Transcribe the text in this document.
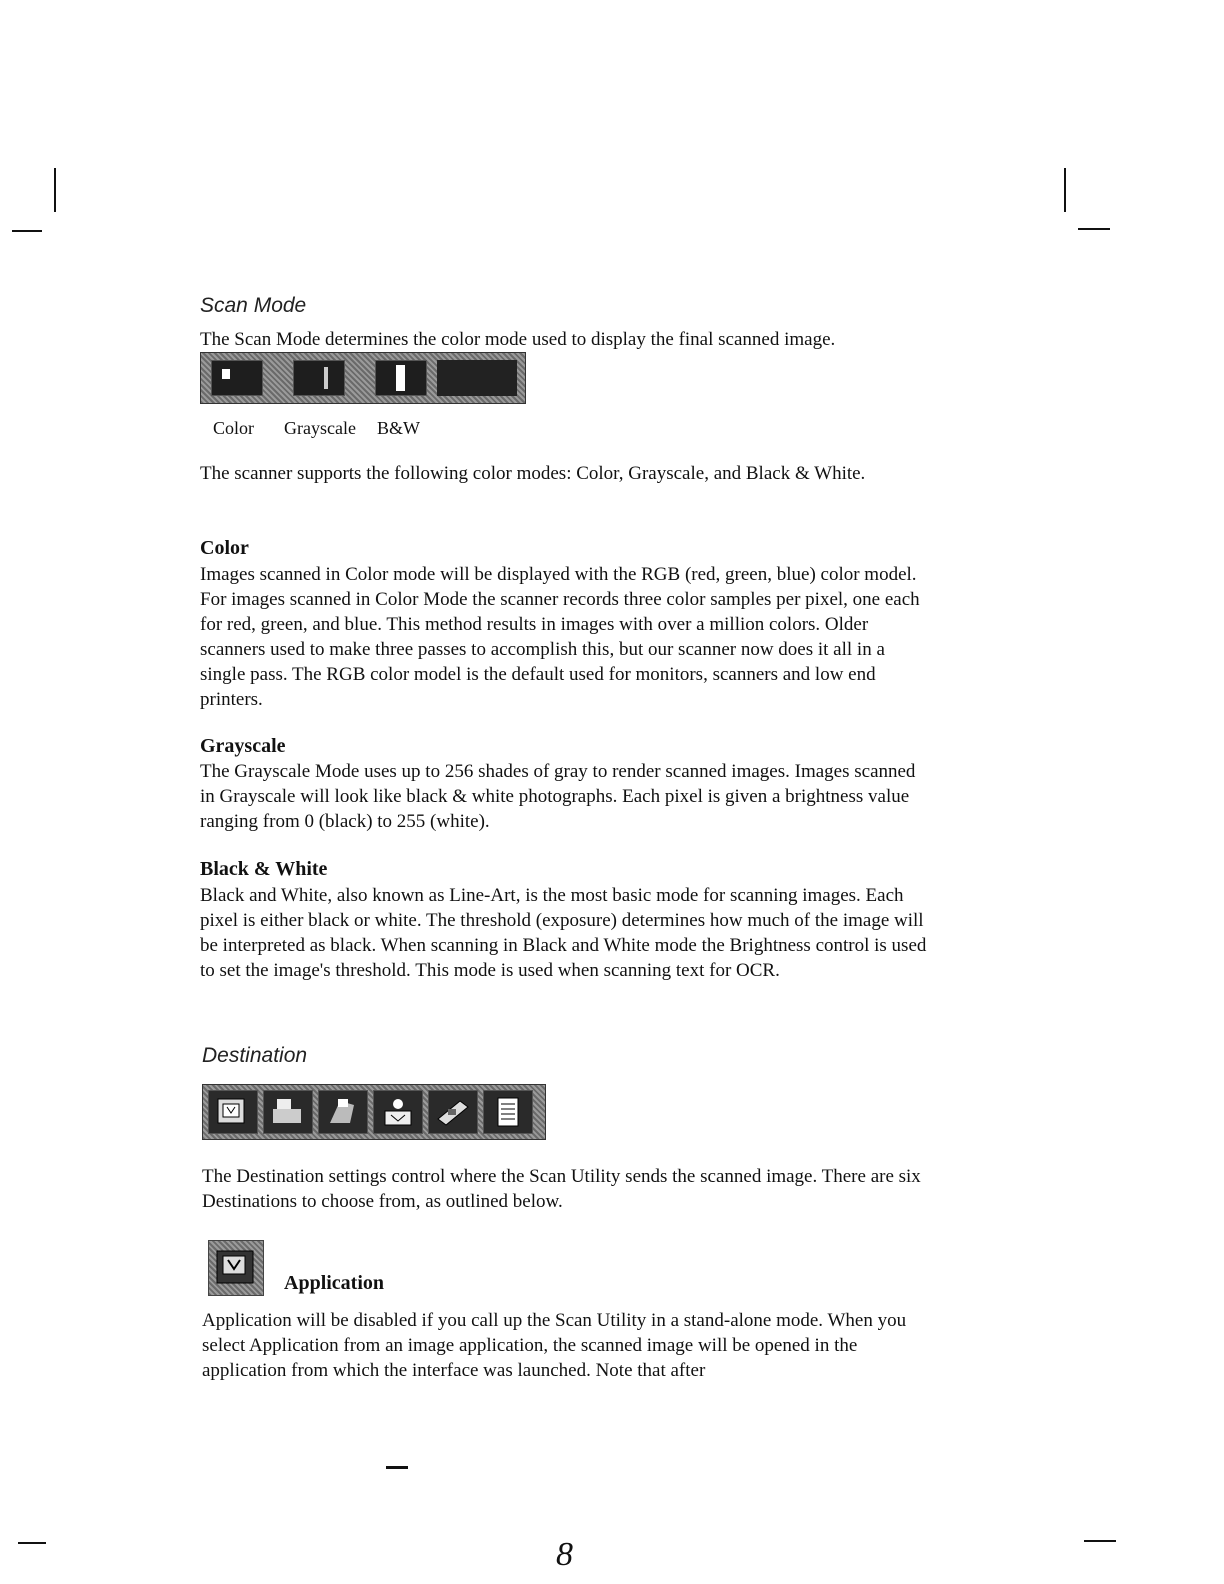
Scan Mode
The Scan Mode determines the color mode used to display the final scanned image.
Color Grayscale B&W
The scanner supports the following color modes: Color, Grayscale, and Black & White.
Color
Images scanned in Color mode will be displayed with the RGB (red, green, blue) color model. For images scanned in Color Mode the scanner records three color samples per pixel, one each for red, green, and blue. This method results in images with over a million colors. Older scanners used to make three passes to accomplish this, but our scanner now does it all in a single pass. The RGB color model is the default used for monitors, scanners and low end printers.
Grayscale
The Grayscale Mode uses up to 256 shades of gray to render scanned images. Images scanned in Grayscale will look like black & white photographs. Each pixel is given a brightness value ranging from 0 (black) to 255 (white).
Black & White
Black and White, also known as Line-Art, is the most basic mode for scanning images. Each pixel is either black or white. The threshold (exposure) determines how much of the image will be interpreted as black. When scanning in Black and White mode the Brightness control is used to set the image's threshold. This mode is used when scanning text for OCR.
Destination
The Destination settings control where the Scan Utility sends the scanned image. There are six Destinations to choose from, as outlined below.
Application
Application will be disabled if you call up the Scan Utility in a stand-alone mode. When you select Application from an image application, the scanned image will be opened in the application from which the interface was launched. Note that after
8
